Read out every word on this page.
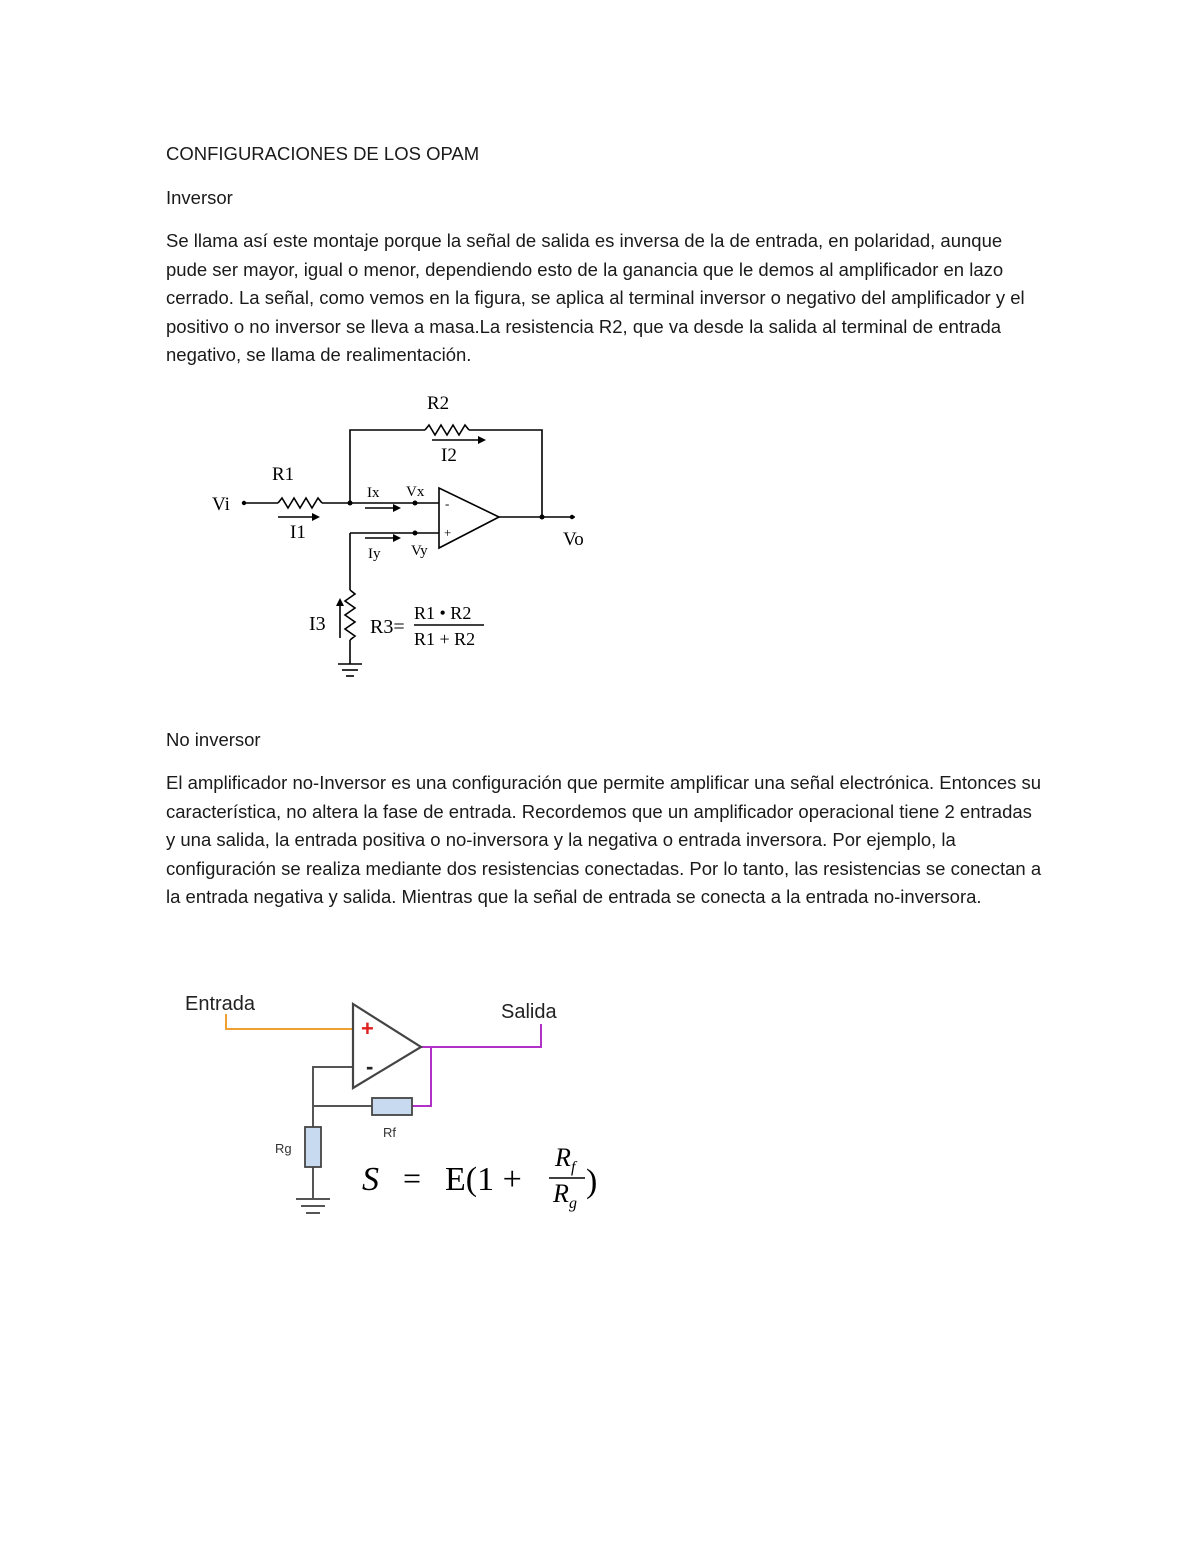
CONFIGURACIONES DE LOS OPAM

Inversor

Se llama así este montaje porque la señal de salida es inversa de la de entrada, en polaridad, aunque pude ser mayor, igual o menor, dependiendo esto de la ganancia que le demos al amplificador en lazo cerrado. La señal, como vemos en la figura, se aplica al terminal inversor o negativo del amplificador y el positivo o no inversor se lleva a masa.La resistencia R2, que va desde la salida al terminal de entrada negativo, se llama de realimentación.

R2
I2
R1
Vi
I1	Vo
I3 R3=
R1 • R2
R1 + R2
Ix Vx
Iy Vy
-
+

No inversor

El amplificador no-Inversor es una configuración que permite amplificar una señal electrónica. Entonces su característica, no altera la fase de entrada. Recordemos que un amplificador operacional tiene 2 entradas y una salida, la entrada positiva o no-inversora y la negativa o entrada inversora. Por ejemplo, la configuración se realiza mediante dos resistencias conectadas. Por lo tanto, las resistencias se conectan a la entrada negativa y salida. Mientras que la señal de entrada se conecta a la entrada no-inversora.

Entrada	Salida
Rf
Rg
+
-
S = E(1 +
R f
R g
)
